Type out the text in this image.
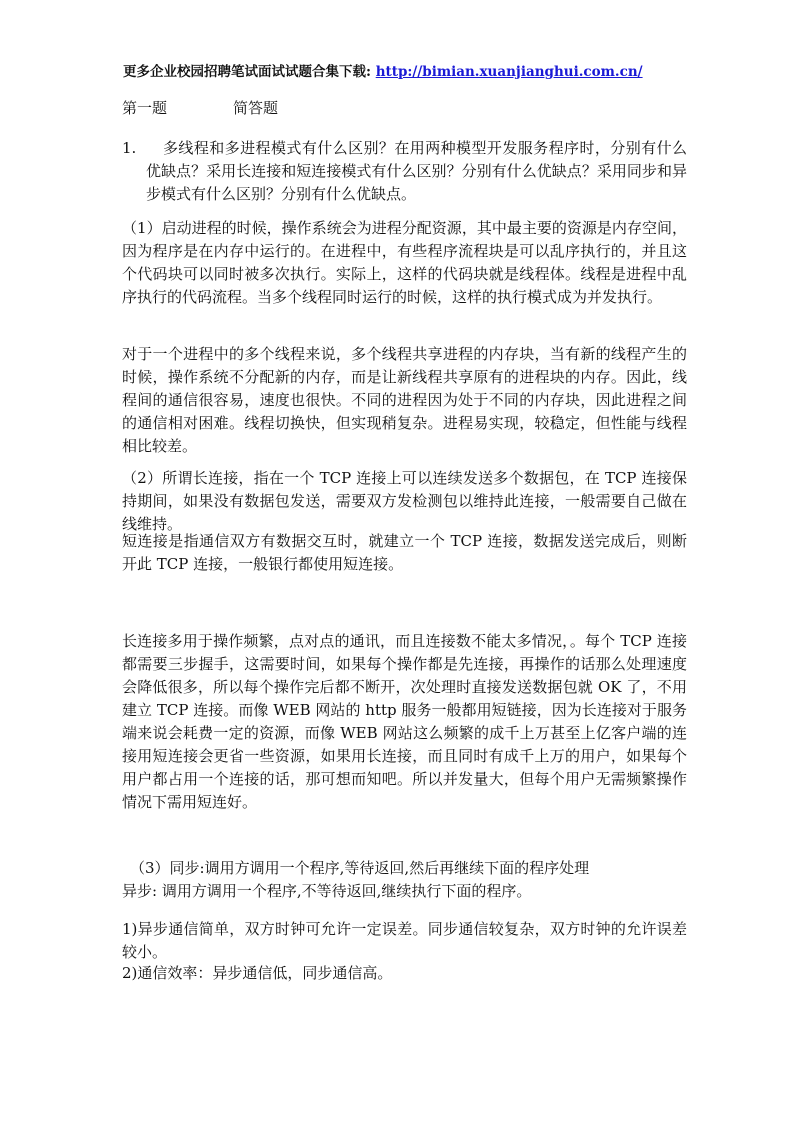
更多企业校园招聘笔试面试试题合集下载: http://bimian.xuanjianghui.com.cn/
第一题	简答题
1.	多线程和多进程模式有什么区别？在用两种模型开发服务程序时，分别有什么优缺点？采用长连接和短连接模式有什么区别？分别有什么优缺点？采用同步和异步模式有什么区别？分别有什么优缺点。
（1）启动进程的时候，操作系统会为进程分配资源，其中最主要的资源是内存空间，因为程序是在内存中运行的。在进程中，有些程序流程块是可以乱序执行的，并且这个代码块可以同时被多次执行。实际上，这样的代码块就是线程体。线程是进程中乱序执行的代码流程。当多个线程同时运行的时候，这样的执行模式成为并发执行。
对于一个进程中的多个线程来说，多个线程共享进程的内存块，当有新的线程产生的时候，操作系统不分配新的内存，而是让新线程共享原有的进程块的内存。因此，线程间的通信很容易，速度也很快。不同的进程因为处于不同的内存块，因此进程之间的通信相对困难。线程切换快，但实现稍复杂。进程易实现，较稳定，但性能与线程相比较差。
（2）所谓长连接，指在一个 TCP 连接上可以连续发送多个数据包，在 TCP 连接保持期间，如果没有数据包发送，需要双方发检测包以维持此连接，一般需要自己做在线维持。
短连接是指通信双方有数据交互时，就建立一个 TCP 连接，数据发送完成后，则断开此 TCP 连接，一般银行都使用短连接。
长连接多用于操作频繁，点对点的通讯，而且连接数不能太多情况，。每个 TCP 连接都需要三步握手，这需要时间，如果每个操作都是先连接，再操作的话那么处理速度会降低很多，所以每个操作完后都不断开，次处理时直接发送数据包就 OK 了，不用建立 TCP 连接。而像 WEB 网站的 http 服务一般都用短链接，因为长连接对于服务端来说会耗费一定的资源，而像 WEB 网站这么频繁的成千上万甚至上亿客户端的连接用短连接会更省一些资源，如果用长连接，而且同时有成千上万的用户，如果每个用户都占用一个连接的话，那可想而知吧。所以并发量大，但每个用户无需频繁操作情况下需用短连好。
（3）同步:调用方调用一个程序,等待返回,然后再继续下面的程序处理
异步: 调用方调用一个程序,不等待返回,继续执行下面的程序。
1)异步通信简单，双方时钟可允许一定误差。同步通信较复杂，双方时钟的允许误差较小。
2)通信效率：异步通信低，同步通信高。
